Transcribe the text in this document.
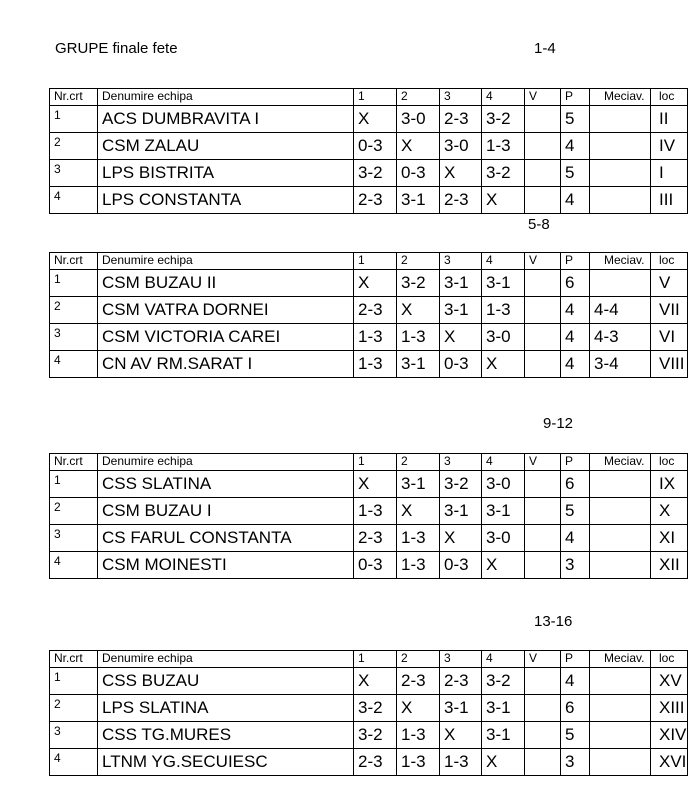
GRUPE finale fete	1-4
Nr.crt	Denumire echipa	1	2	3	4	V	P	Meciav.	loc
1	ACS DUMBRAVITA I	X	3-0	2-3	3-2		5		II
2	CSM ZALAU	0-3	X	3-0	1-3		4		IV
3	LPS BISTRITA	3-2	0-3	X	3-2		5		I
4	LPS CONSTANTA	2-3	3-1	2-3	X		4		III
5-8
Nr.crt	Denumire echipa	1	2	3	4	V	P	Meciav.	loc
1	CSM BUZAU II	X	3-2	3-1	3-1		6		V
2	CSM VATRA DORNEI	2-3	X	3-1	1-3		4	4-4	VII
3	CSM VICTORIA CAREI	1-3	1-3	X	3-0		4	4-3	VI
4	CN AV RM.SARAT I	1-3	3-1	0-3	X		4	3-4	VIII
9-12
Nr.crt	Denumire echipa	1	2	3	4	V	P	Meciav.	loc
1	CSS SLATINA	X	3-1	3-2	3-0		6		IX
2	CSM BUZAU I	1-3	X	3-1	3-1		5		X
3	CS FARUL CONSTANTA	2-3	1-3	X	3-0		4		XI
4	CSM MOINESTI	0-3	1-3	0-3	X		3		XII
13-16
Nr.crt	Denumire echipa	1	2	3	4	V	P	Meciav.	loc
1	CSS BUZAU	X	2-3	2-3	3-2		4		XV
2	LPS SLATINA	3-2	X	3-1	3-1		6		XIII
3	CSS TG.MURES	3-2	1-3	X	3-1		5		XIV
4	LTNM YG.SECUIESC	2-3	1-3	1-3	X		3		XVI
